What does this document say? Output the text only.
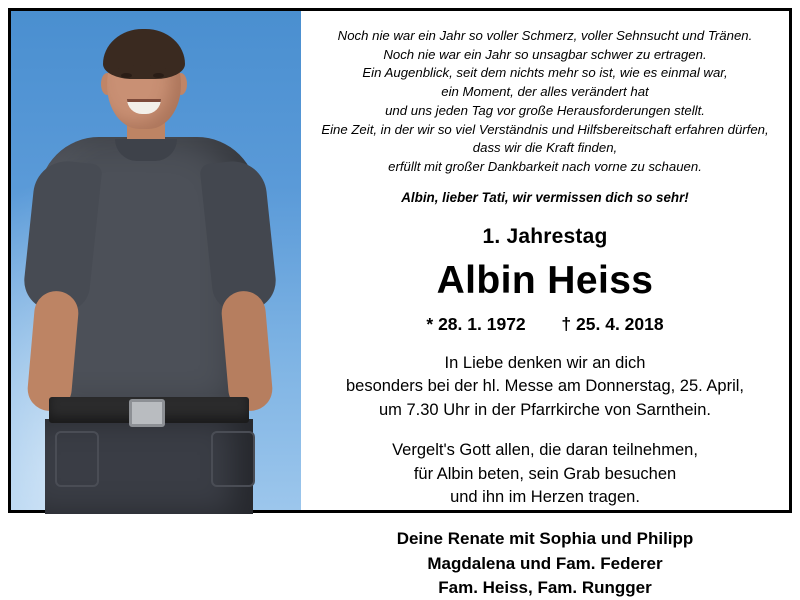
Noch nie war ein Jahr so voller Schmerz, voller Sehnsucht und Tränen.
Noch nie war ein Jahr so unsagbar schwer zu ertragen.
Ein Augenblick, seit dem nichts mehr so ist, wie es einmal war,
ein Moment, der alles verändert hat
und uns jeden Tag vor große Herausforderungen stellt.
Eine Zeit, in der wir so viel Verständnis und Hilfsbereitschaft erfahren dürfen,
dass wir die Kraft finden,
erfüllt mit großer Dankbarkeit nach vorne zu schauen.
Albin, lieber Tati, wir vermissen dich so sehr!
1. Jahrestag
Albin Heiss
* 28. 1. 1972 † 25. 4. 2018
In Liebe denken wir an dich
besonders bei der hl. Messe am Donnerstag, 25. April,
um 7.30 Uhr in der Pfarrkirche von Sarnthein.
Vergelt's Gott allen, die daran teilnehmen,
für Albin beten, sein Grab besuchen
und ihn im Herzen tragen.
Deine Renate mit Sophia und Philipp
Magdalena und Fam. Federer
Fam. Heiss, Fam. Rungger
